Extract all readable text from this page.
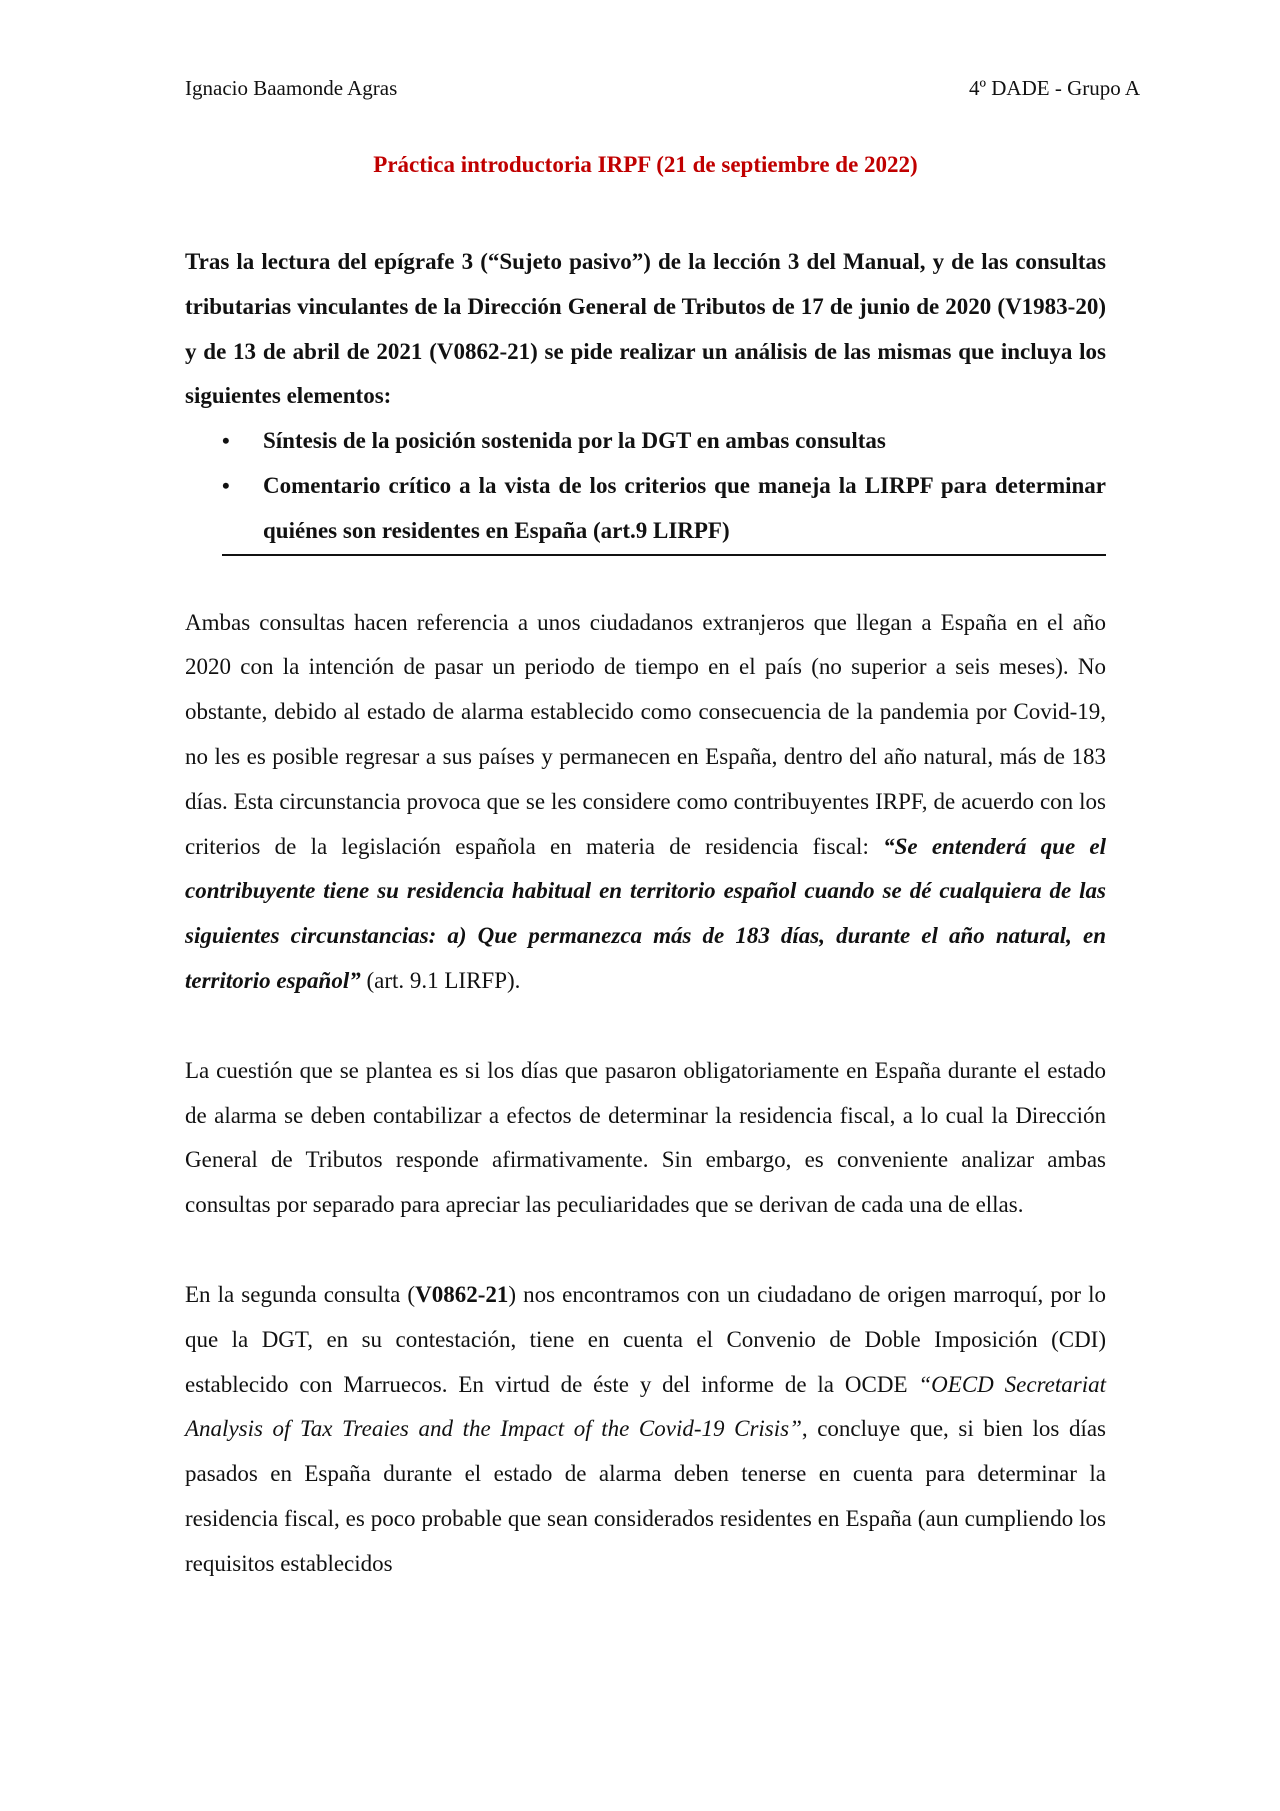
Ignacio Baamonde Agras	4º DADE - Grupo A
Práctica introductoria IRPF (21 de septiembre de 2022)

Tras la lectura del epígrafe 3 (“Sujeto pasivo”) de la lección 3 del Manual, y de las consultas tributarias vinculantes de la Dirección General de Tributos de 17 de junio de 2020 (V1983-20) y de 13 de abril de 2021 (V0862-21) se pide realizar un análisis de las mismas que incluya los siguientes elementos:

• Síntesis de la posición sostenida por la DGT en ambas consultas
• Comentario crítico a la vista de los criterios que maneja la LIRPF para determinar quiénes son residentes en España (art.9 LIRPF)

Ambas consultas hacen referencia a unos ciudadanos extranjeros que llegan a España en el año 2020 con la intención de pasar un periodo de tiempo en el país (no superior a seis meses). No obstante, debido al estado de alarma establecido como consecuencia de la pandemia por Covid-19, no les es posible regresar a sus países y permanecen en España, dentro del año natural, más de 183 días. Esta circunstancia provoca que se les considere como contribuyentes IRPF, de acuerdo con los criterios de la legislación española en materia de residencia fiscal: “Se entenderá que el contribuyente tiene su residencia habitual en territorio español cuando se dé cualquiera de las siguientes circunstancias: a) Que permanezca más de 183 días, durante el año natural, en territorio español” (art. 9.1 LIRFP).

La cuestión que se plantea es si los días que pasaron obligatoriamente en España durante el estado de alarma se deben contabilizar a efectos de determinar la residencia fiscal, a lo cual la Dirección General de Tributos responde afirmativamente. Sin embargo, es conveniente analizar ambas consultas por separado para apreciar las peculiaridades que se derivan de cada una de ellas.

En la segunda consulta (V0862-21) nos encontramos con un ciudadano de origen marroquí, por lo que la DGT, en su contestación, tiene en cuenta el Convenio de Doble Imposición (CDI) establecido con Marruecos. En virtud de éste y del informe de la OCDE “OECD Secretariat Analysis of Tax Treaies and the Impact of the Covid-19 Crisis”, concluye que, si bien los días pasados en España durante el estado de alarma deben tenerse en cuenta para determinar la residencia fiscal, es poco probable que sean considerados residentes en España (aun cumpliendo los requisitos establecidos
